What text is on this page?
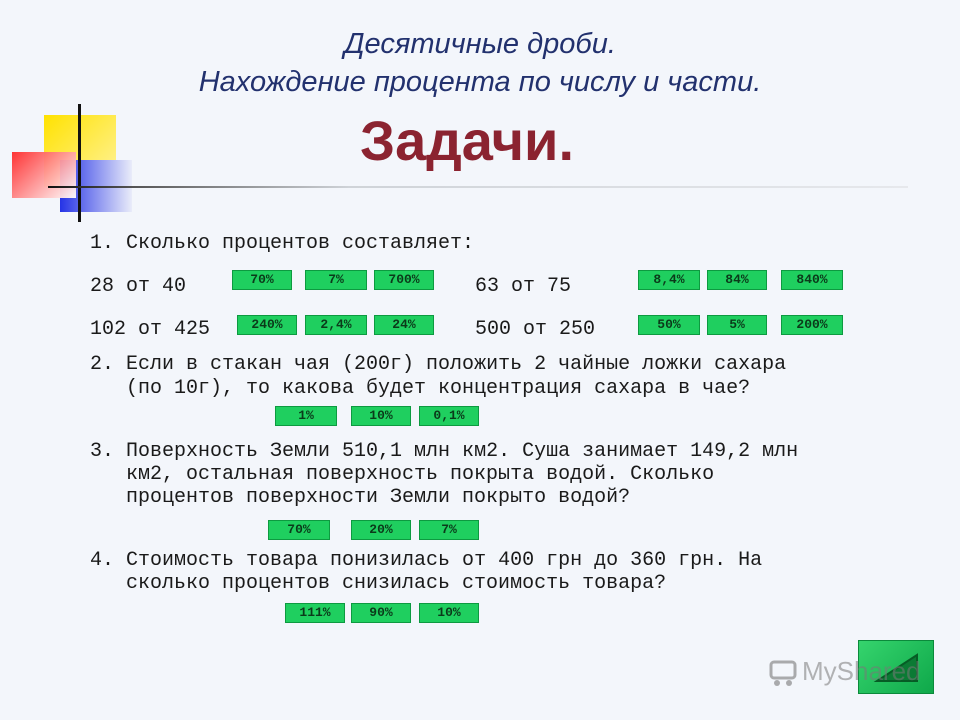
Десятичные дроби.
Нахождение процента по числу и части.
Задачи.
1. Сколько процентов составляет:
28 от 40	70%	7%	700%	63 от 75	8,4%	84%	840%
102 от 425	240%	2,4%	24%	500 от 250	50%	5%	200%
2. Если в стакан чая (200г) положить 2 чайные ложки сахара
(по 10г), то какова будет концентрация сахара в чае?
1%	10%	0,1%
3. Поверхность Земли 510,1 млн км2. Суша занимает 149,2 млн
км2, остальная поверхность покрыта водой. Сколько
процентов поверхности Земли покрыто водой?
70%	20%	7%
4. Стоимость товара понизилась от 400 грн до 360 грн. На
сколько процентов снизилась стоимость товара?
111%	90%	10%
MyShared
